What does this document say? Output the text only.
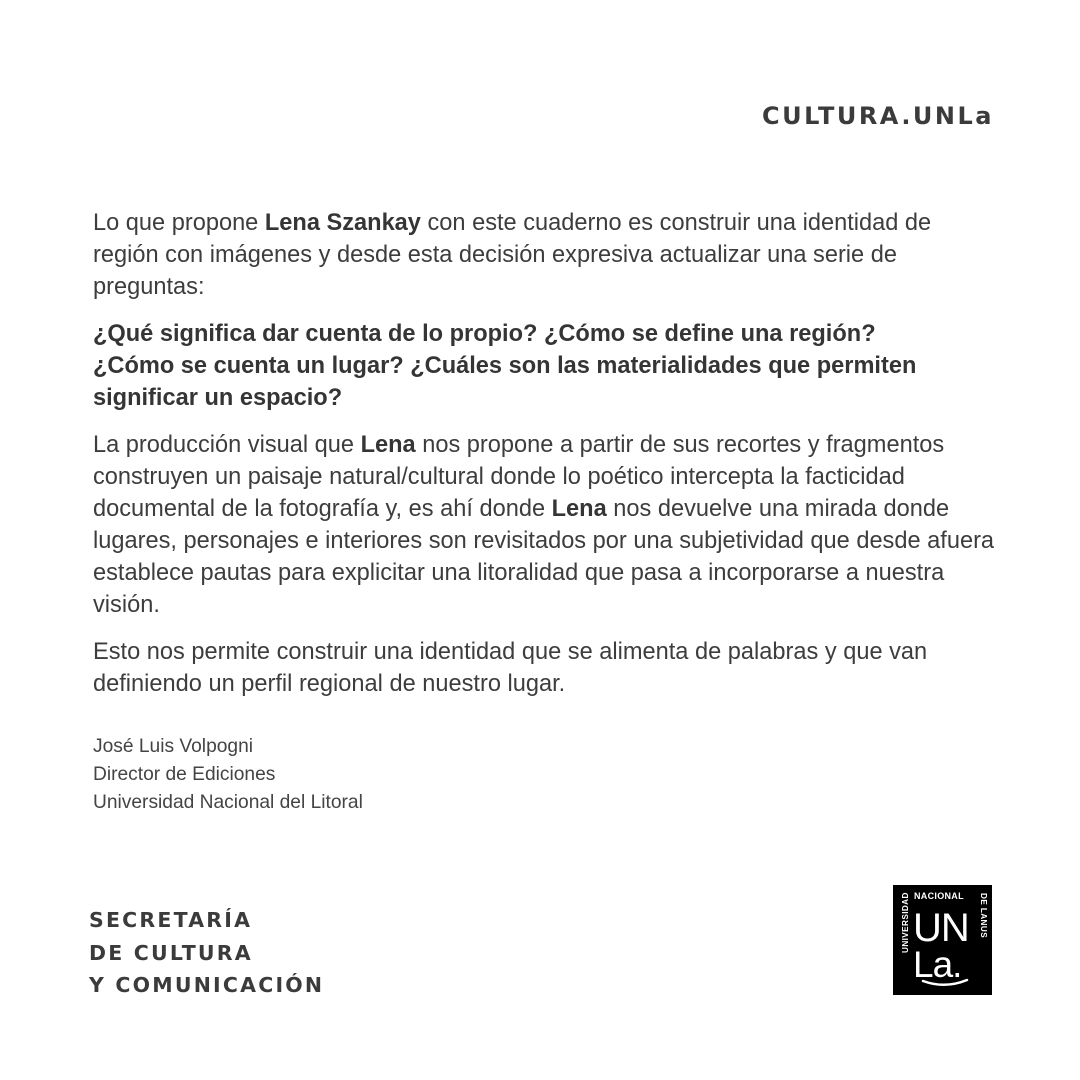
CULTURA.UNLa

Lo que propone Lena Szankay con este cuaderno es construir una identidad de región con imágenes y desde esta decisión expresiva actualizar una serie de preguntas:

¿Qué significa dar cuenta de lo propio? ¿Cómo se define una región?
¿Cómo se cuenta un lugar? ¿Cuáles son las materialidades que permiten significar un espacio?

La producción visual que Lena nos propone a partir de sus recortes y fragmentos construyen un paisaje natural/cultural donde lo poético intercepta la facticidad documental de la fotografía y, es ahí donde Lena nos devuelve una mirada donde lugares, personajes e interiores son revisitados por una subjetividad que desde afuera establece pautas para explicitar una litoralidad que pasa a incorporarse a nuestra visión.

Esto nos permite construir una identidad que se alimenta de palabras y que van definiendo un perfil regional de nuestro lugar.

José Luis Volpogni
Director de Ediciones
Universidad Nacional del Litoral
SECRETARÍA
DE CULTURA
Y COMUNICACIÓN
UNIVERSIDAD NACIONAL DE LANUS
UN
La.
